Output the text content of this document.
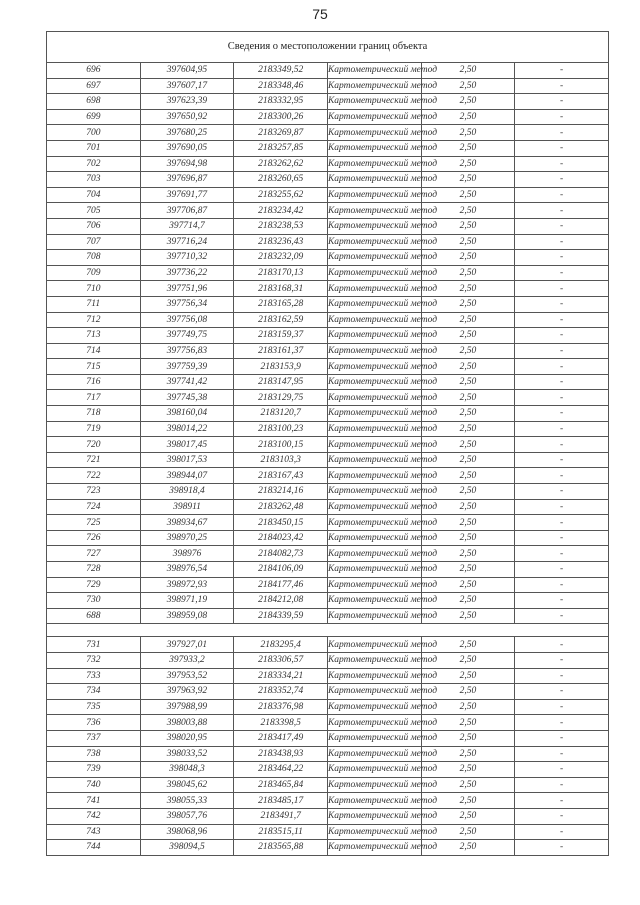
75
Сведения о местоположении границ объекта					
696	397604,95	2183349,52	Картометрический метод	2,50	-
697	397607,17	2183348,46	Картометрический метод	2,50	-
698	397623,39	2183332,95	Картометрический метод	2,50	-
699	397650,92	2183300,26	Картометрический метод	2,50	-
700	397680,25	2183269,87	Картометрический метод	2,50	-
701	397690,05	2183257,85	Картометрический метод	2,50	-
702	397694,98	2183262,62	Картометрический метод	2,50	-
703	397696,87	2183260,65	Картометрический метод	2,50	-
704	397691,77	2183255,62	Картометрический метод	2,50	-
705	397706,87	2183234,42	Картометрический метод	2,50	-
706	397714,7	2183238,53	Картометрический метод	2,50	-
707	397716,24	2183236,43	Картометрический метод	2,50	-
708	397710,32	2183232,09	Картометрический метод	2,50	-
709	397736,22	2183170,13	Картометрический метод	2,50	-
710	397751,96	2183168,31	Картометрический метод	2,50	-
711	397756,34	2183165,28	Картометрический метод	2,50	-
712	397756,08	2183162,59	Картометрический метод	2,50	-
713	397749,75	2183159,37	Картометрический метод	2,50	-
714	397756,83	2183161,37	Картометрический метод	2,50	-
715	397759,39	2183153,9	Картометрический метод	2,50	-
716	397741,42	2183147,95	Картометрический метод	2,50	-
717	397745,38	2183129,75	Картометрический метод	2,50	-
718	398160,04	2183120,7	Картометрический метод	2,50	-
719	398014,22	2183100,23	Картометрический метод	2,50	-
720	398017,45	2183100,15	Картометрический метод	2,50	-
721	398017,53	2183103,3	Картометрический метод	2,50	-
722	398944,07	2183167,43	Картометрический метод	2,50	-
723	398918,4	2183214,16	Картометрический метод	2,50	-
724	398911	2183262,48	Картометрический метод	2,50	-
725	398934,67	2183450,15	Картометрический метод	2,50	-
726	398970,25	2184023,42	Картометрический метод	2,50	-
727	398976	2184082,73	Картометрический метод	2,50	-
728	398976,54	2184106,09	Картометрический метод	2,50	-
729	398972,93	2184177,46	Картометрический метод	2,50	-
730	398971,19	2184212,08	Картометрический метод	2,50	-
688	398959,08	2184339,59	Картометрический метод	2,50	-

731	397927,01	2183295,4	Картометрический метод	2,50	-
732	397933,2	2183306,57	Картометрический метод	2,50	-
733	397953,52	2183334,21	Картометрический метод	2,50	-
734	397963,92	2183352,74	Картометрический метод	2,50	-
735	397988,99	2183376,98	Картометрический метод	2,50	-
736	398003,88	2183398,5	Картометрический метод	2,50	-
737	398020,95	2183417,49	Картометрический метод	2,50	-
738	398033,52	2183438,93	Картометрический метод	2,50	-
739	398048,3	2183464,22	Картометрический метод	2,50	-
740	398045,62	2183465,84	Картометрический метод	2,50	-
741	398055,33	2183485,17	Картометрический метод	2,50	-
742	398057,76	2183491,7	Картометрический метод	2,50	-
743	398068,96	2183515,11	Картометрический метод	2,50	-
744	398094,5	2183565,88	Картометрический метод	2,50	-
